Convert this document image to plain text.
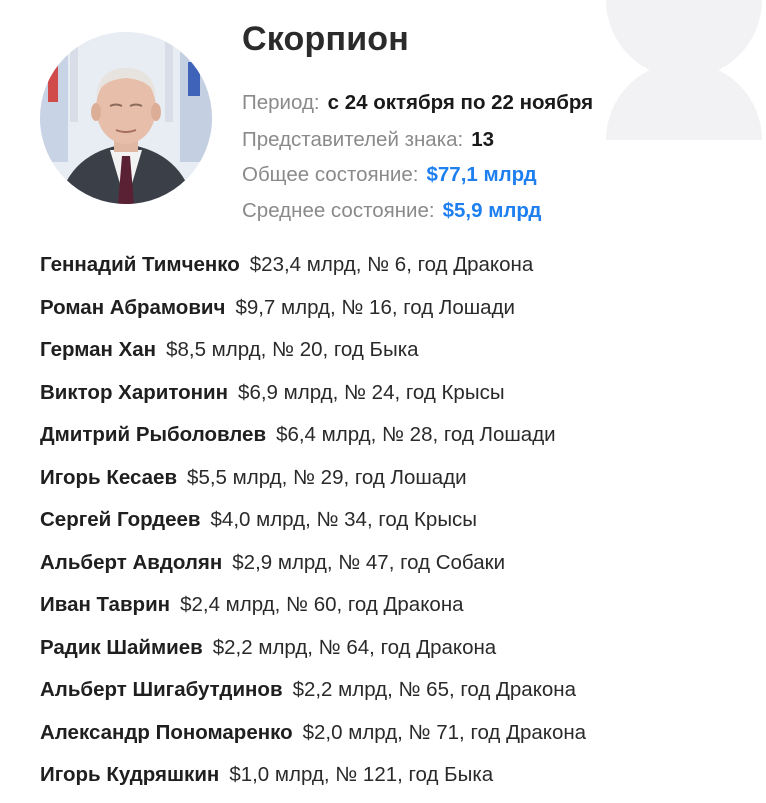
Скорпион
Период: с 24 октября по 22 ноября
Представителей знака: 13
Общее состояние: $77,1 млрд
Среднее состояние: $5,9 млрд
Геннадий Тимченко $23,4 млрд, № 6, год Дракона
Роман Абрамович $9,7 млрд, № 16, год Лошади
Герман Хан $8,5 млрд, № 20, год Быка
Виктор Харитонин $6,9 млрд, № 24, год Крысы
Дмитрий Рыболовлев $6,4 млрд, № 28, год Лошади
Игорь Кесаев $5,5 млрд, № 29, год Лошади
Сергей Гордеев $4,0 млрд, № 34, год Крысы
Альберт Авдолян $2,9 млрд, № 47, год Собаки
Иван Таврин $2,4 млрд, № 60, год Дракона
Радик Шаймиев $2,2 млрд, № 64, год Дракона
Альберт Шигабутдинов $2,2 млрд, № 65, год Дракона
Александр Пономаренко $2,0 млрд, № 71, год Дракона
Игорь Кудряшкин $1,0 млрд, № 121, год Быка
